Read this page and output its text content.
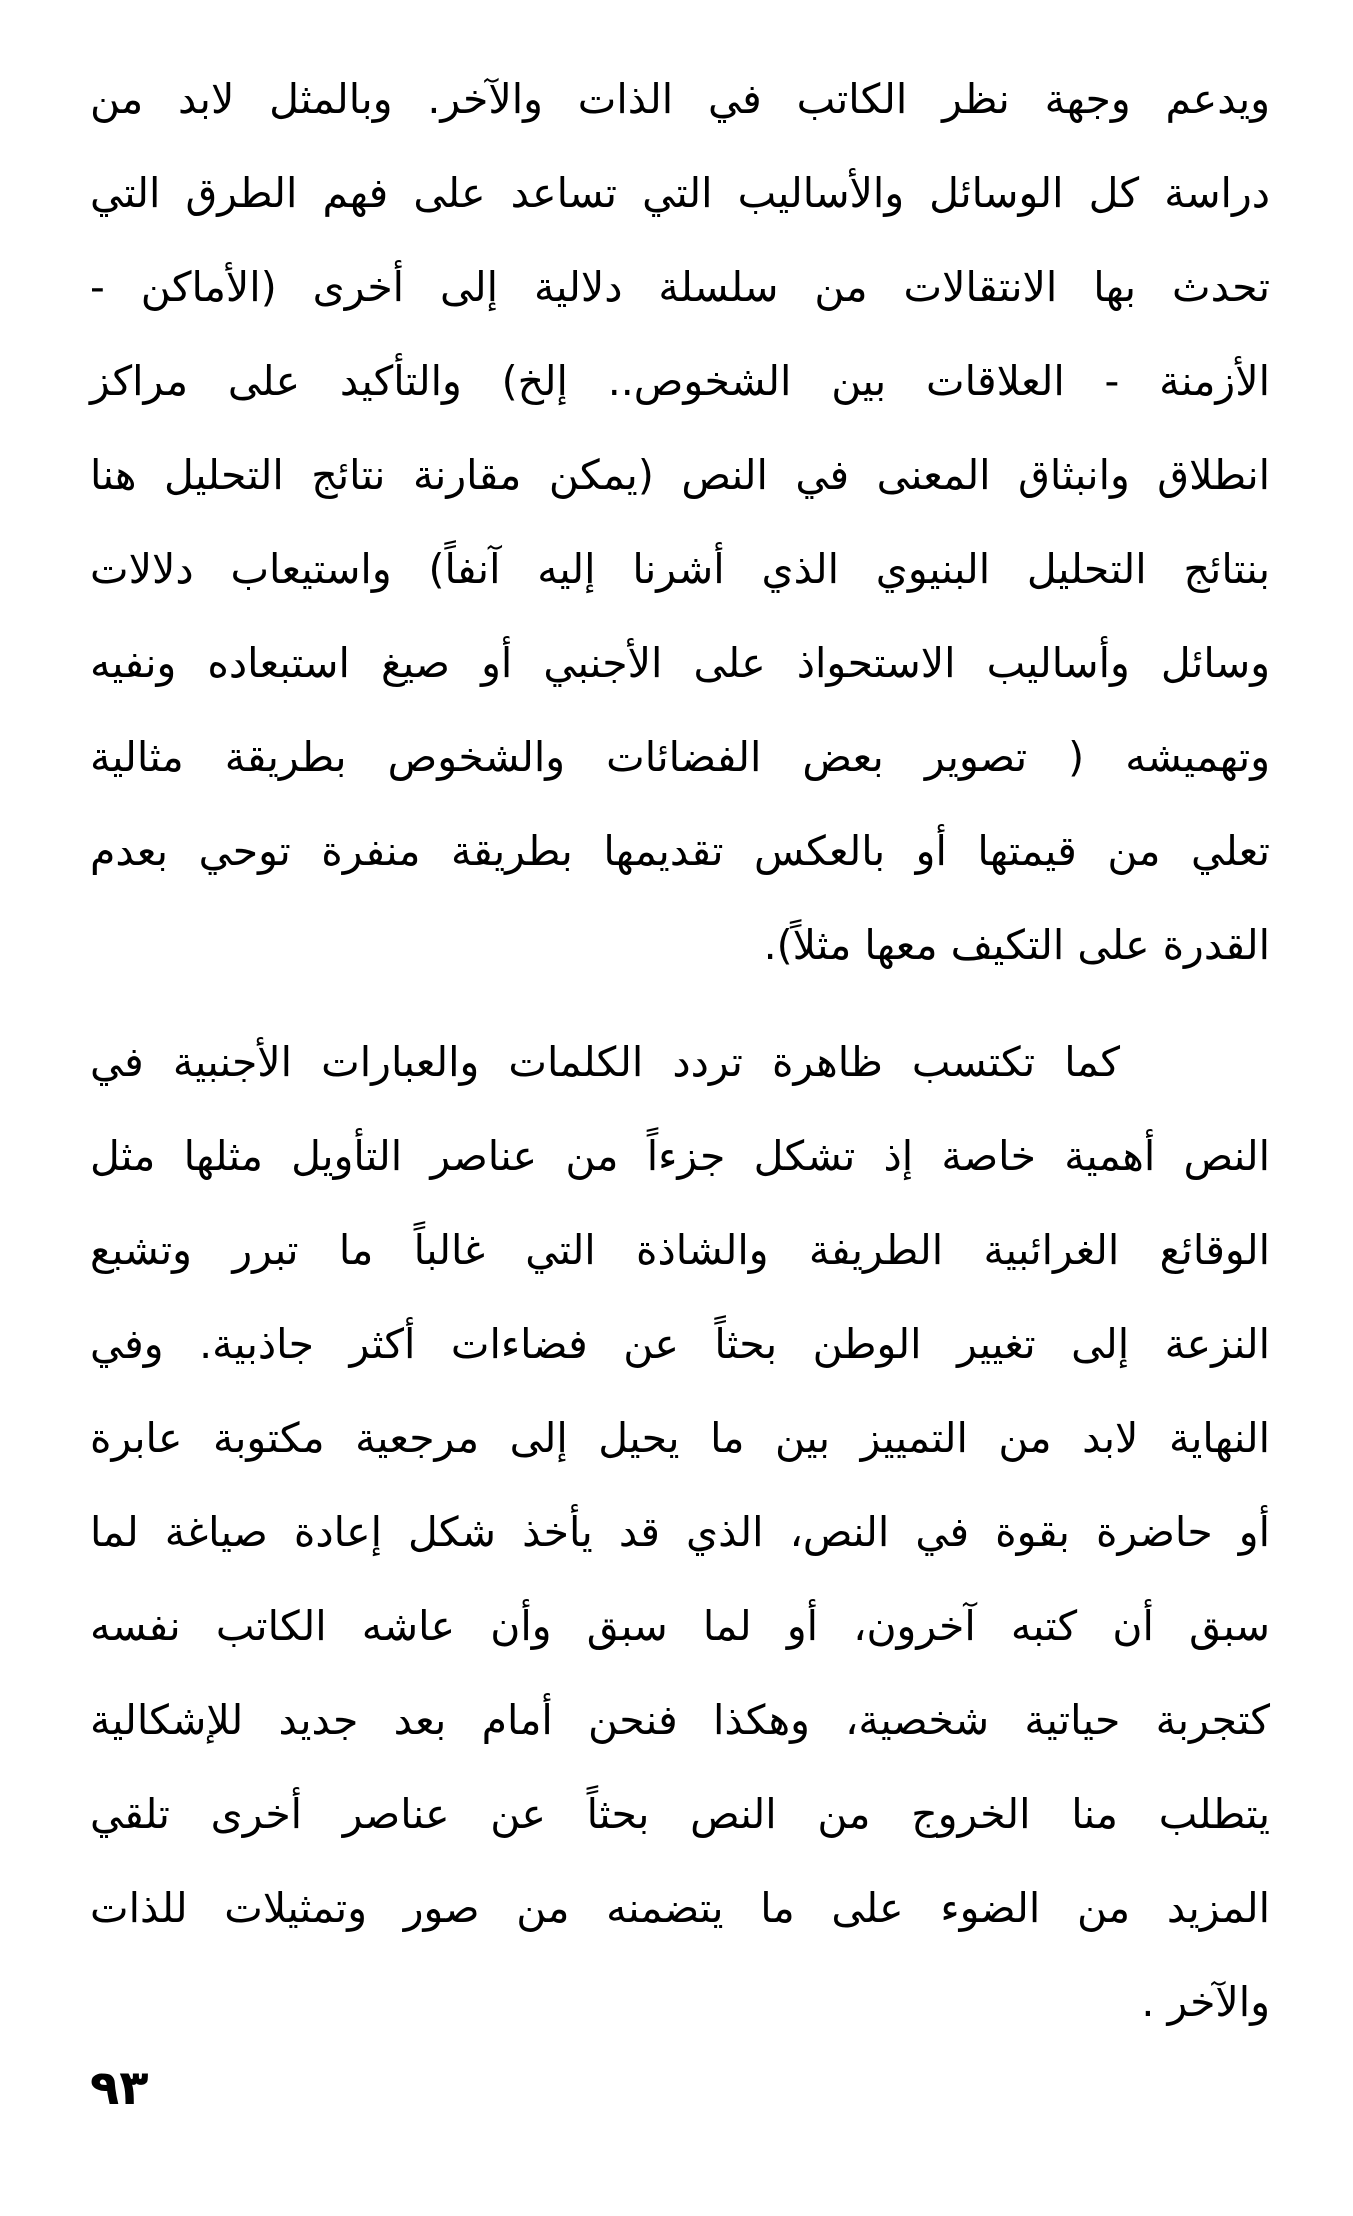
ويدعم وجهة نظر الكاتب في الذات والآخر. وبالمثل لابد من
دراسة كل الوسائل والأساليب التي تساعد على فهم الطرق التي
تحدث بها الانتقالات من سلسلة دلالية إلى أخرى (الأماكن -
الأزمنة - العلاقات بين الشخوص.. إلخ) والتأكيد على مراكز
انطلاق وانبثاق المعنى في النص (يمكن مقارنة نتائج التحليل هنا
بنتائج التحليل البنيوي الذي أشرنا إليه آنفاً) واستيعاب دلالات
وسائل وأساليب الاستحواذ على الأجنبي أو صيغ استبعاده ونفيه
وتهميشه ( تصوير بعض الفضائات والشخوص بطريقة مثالية
تعلي من قيمتها أو بالعكس تقديمها بطريقة منفرة توحي بعدم
القدرة على التكيف معها مثلاً).
كما تكتسب ظاهرة تردد الكلمات والعبارات الأجنبية في
النص أهمية خاصة إذ تشكل جزءاً من عناصر التأويل مثلها مثل
الوقائع الغرائبية الطريفة والشاذة التي غالباً ما تبرر وتشبع
النزعة إلى تغيير الوطن بحثاً عن فضاءات أكثر جاذبية. وفي
النهاية لابد من التمييز بين ما يحيل إلى مرجعية مكتوبة عابرة
أو حاضرة بقوة في النص، الذي قد يأخذ شكل إعادة صياغة لما
سبق أن كتبه آخرون، أو لما سبق وأن عاشه الكاتب نفسه
كتجربة حياتية شخصية، وهكذا فنحن أمام بعد جديد للإشكالية
يتطلب منا الخروج من النص بحثاً عن عناصر أخرى تلقي
المزيد من الضوء على ما يتضمنه من صور وتمثيلات للذات
والآخر .
٩٣
